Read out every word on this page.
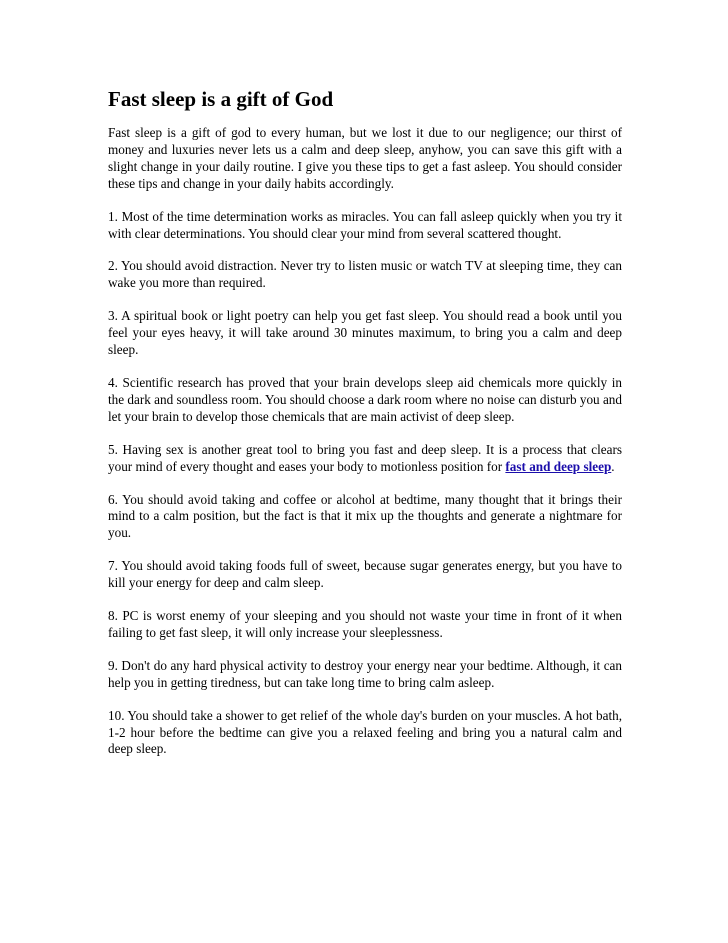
Fast sleep is a gift of God

Fast sleep is a gift of god to every human, but we lost it due to our negligence; our thirst of money and luxuries never lets us a calm and deep sleep, anyhow, you can save this gift with a slight change in your daily routine. I give you these tips to get a fast asleep. You should consider these tips and change in your daily habits accordingly.

1. Most of the time determination works as miracles. You can fall asleep quickly when you try it with clear determinations. You should clear your mind from several scattered thought.

2. You should avoid distraction. Never try to listen music or watch TV at sleeping time, they can wake you more than required.

3. A spiritual book or light poetry can help you get fast sleep. You should read a book until you feel your eyes heavy, it will take around 30 minutes maximum, to bring you a calm and deep sleep.

4. Scientific research has proved that your brain develops sleep aid chemicals more quickly in the dark and soundless room. You should choose a dark room where no noise can disturb you and let your brain to develop those chemicals that are main activist of deep sleep.

5. Having sex is another great tool to bring you fast and deep sleep. It is a process that clears your mind of every thought and eases your body to motionless position for fast and deep sleep.

6. You should avoid taking and coffee or alcohol at bedtime, many thought that it brings their mind to a calm position, but the fact is that it mix up the thoughts and generate a nightmare for you.

7. You should avoid taking foods full of sweet, because sugar generates energy, but you have to kill your energy for deep and calm sleep.

8. PC is worst enemy of your sleeping and you should not waste your time in front of it when failing to get fast sleep, it will only increase your sleeplessness.

9. Don't do any hard physical activity to destroy your energy near your bedtime. Although, it can help you in getting tiredness, but can take long time to bring calm asleep.

10. You should take a shower to get relief of the whole day's burden on your muscles. A hot bath, 1-2 hour before the bedtime can give you a relaxed feeling and bring you a natural calm and deep sleep.
